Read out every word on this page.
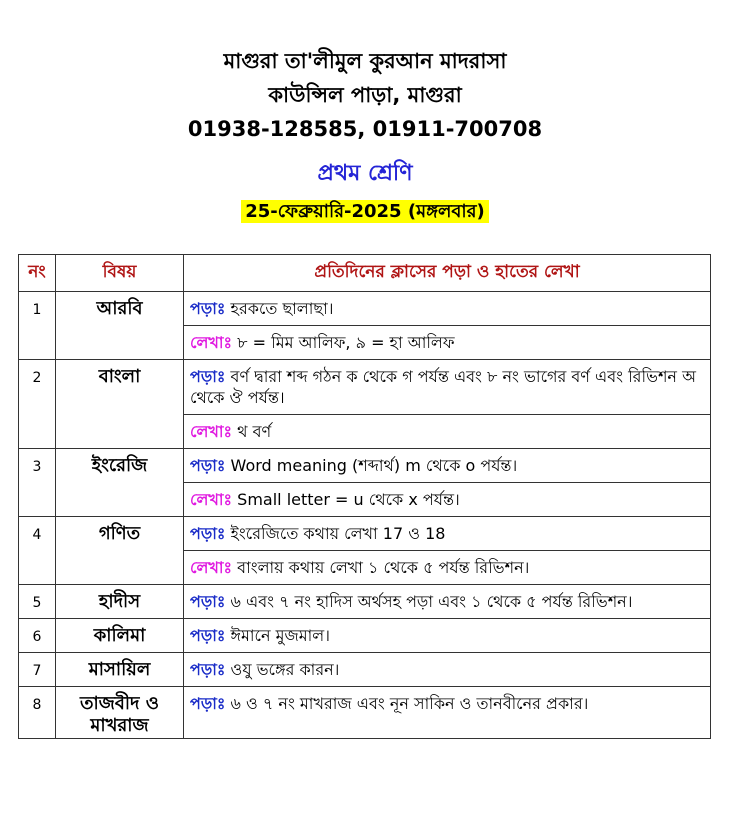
মাগুরা তা'লীমুল কুরআন মাদরাসা
কাউন্সিল পাড়া, মাগুরা
01938-128585, 01911-700708
প্রথম শ্রেণি
25-ফেব্রুয়ারি-2025 (মঙ্গলবার)
নং	বিষয়	প্রতিদিনের ক্লাসের পড়া ও হাতের লেখা
1	আরবি	পড়াঃ হরকতে ছালাছা।
		লেখাঃ ৮ = মিম আলিফ, ৯ = হা আলিফ
2	বাংলা	পড়াঃ বর্ণ দ্বারা শব্দ গঠন ক থেকে গ পর্যন্ত এবং ৮ নং ভাগের বর্ণ এবং রিভিশন অ থেকে ঔ পর্যন্ত।
		লেখাঃ থ বর্ণ
3	ইংরেজি	পড়াঃ Word meaning (শব্দার্থ) m থেকে o পর্যন্ত।
		লেখাঃ Small letter = u থেকে x পর্যন্ত।
4	গণিত	পড়াঃ ইংরেজিতে কথায় লেখা 17 ও 18
		লেখাঃ বাংলায় কথায় লেখা ১ থেকে ৫ পর্যন্ত রিভিশন।
5	হাদীস	পড়াঃ ৬ এবং ৭ নং হাদিস অর্থসহ পড়া এবং ১ থেকে ৫ পর্যন্ত রিভিশন।
6	কালিমা	পড়াঃ ঈমানে মুজমাল।
7	মাসায়িল	পড়াঃ ওযু ভঙ্গের কারন।
8	তাজবীদ ও মাখরাজ	পড়াঃ ৬ ও ৭ নং মাখরাজ এবং নূন সাকিন ও তানবীনের প্রকার।
